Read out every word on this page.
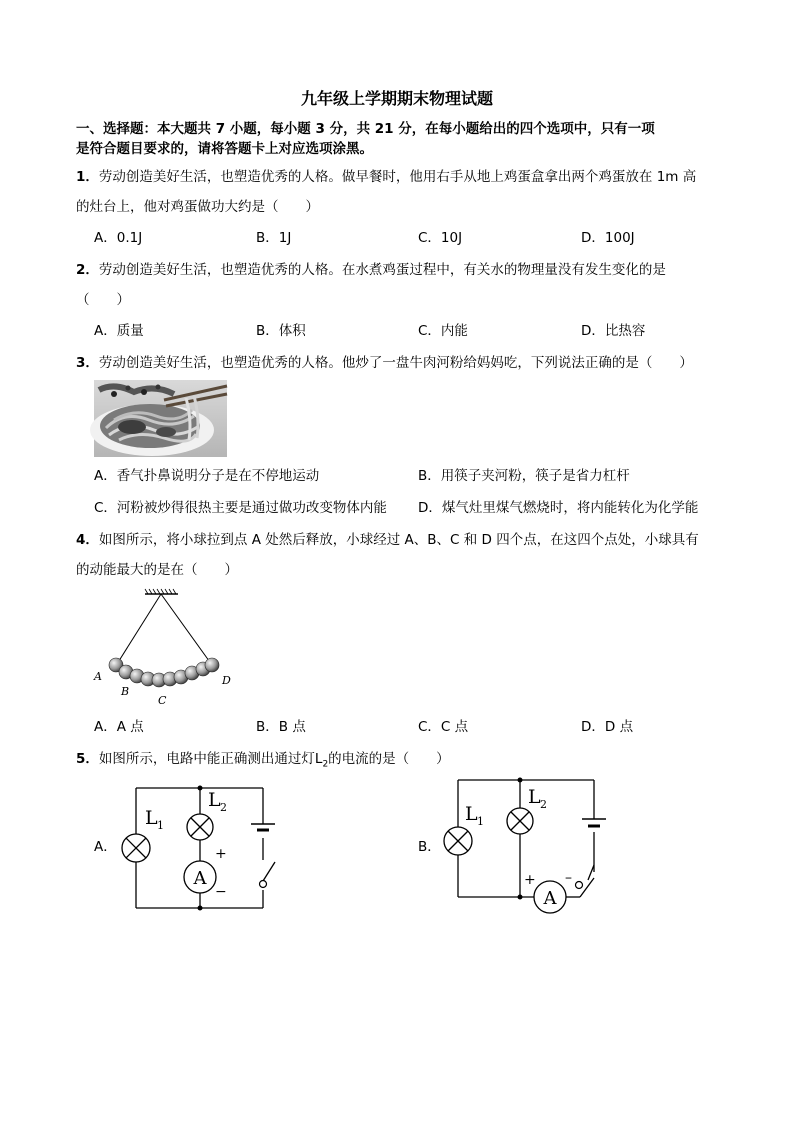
九年级上学期期末物理试题
一、选择题：本大题共 7 小题，每小题 3 分，共 21 分，在每小题给出的四个选项中，只有一项
是符合题目要求的，请将答题卡上对应选项涂黑。
1．劳动创造美好生活，也塑造优秀的人格。做早餐时，他用右手从地上鸡蛋盒拿出两个鸡蛋放在 1m 高
的灶台上，他对鸡蛋做功大约是（　　）
A．0.1J	B．1J	C．10J	D．100J
2．劳动创造美好生活，也塑造优秀的人格。在水煮鸡蛋过程中，有关水的物理量没有发生变化的是
（　　）
A．质量	B．体积	C．内能	D．比热容
3．劳动创造美好生活，也塑造优秀的人格。他炒了一盘牛肉河粉给妈妈吃，下列说法正确的是（　　）
A．香气扑鼻说明分子是在不停地运动	B．用筷子夹河粉，筷子是省力杠杆
C．河粉被炒得很热主要是通过做功改变物体内能 D．煤气灶里煤气燃烧时，将内能转化为化学能
4．如图所示，将小球拉到点 A 处然后释放，小球经过 A、B、C 和 D 四个点，在这四个点处，小球具有
的动能最大的是在（　　）
A
B
C
D
A．A 点	B．B 点	C．C 点	D．D 点
5．如图所示，电路中能正确测出通过灯$L_2$的电流的是（　　）
A．	B．
A
+
−
L 1
L 2
A
+ –
L 1
L 2
